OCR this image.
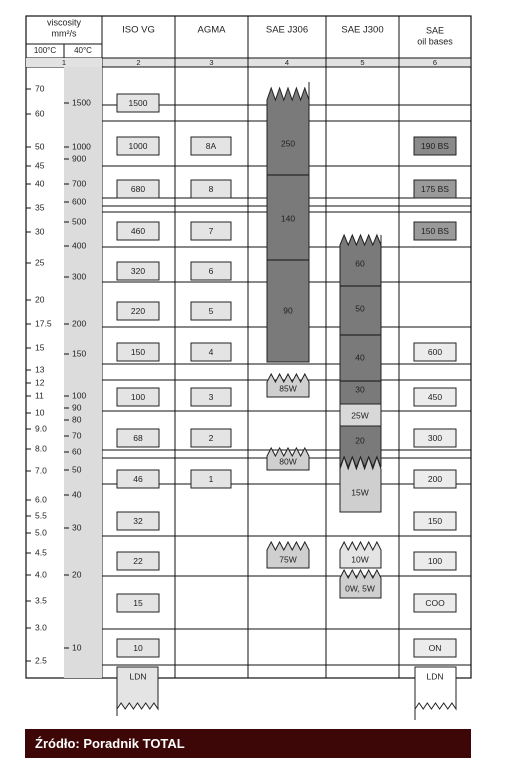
viscosity
mm²/s
100°C 40°C
1	2
ISO VG
3
AGMA
4
SAE J306
5
SAE J300
6
SAE
oil bases
70
60
50
45
40
35
30
25
20
17.5
15
13
12
11
10
9.0
8.0
7.0
6.0
5.5
5.0
4.5
4.0
3.5
3.0
2.5
1500
1000
900
700
600
500
400
300
200
150
100
90
80
70
60
50
40
30
20
10
1500
1000
680
460
320
220
150
100
68
46
32
22
15
10
LDN
8A
8
7
6
5
4
3
2
1
250
140
90
85W
80W
75W
60
50
40
30
25W
20
15W
10W
0W, 5W
190 BS
175 BS
150 BS
600
450
300
200
150
100
COO
ON
LDN
Źródło: Poradnik TOTAL
